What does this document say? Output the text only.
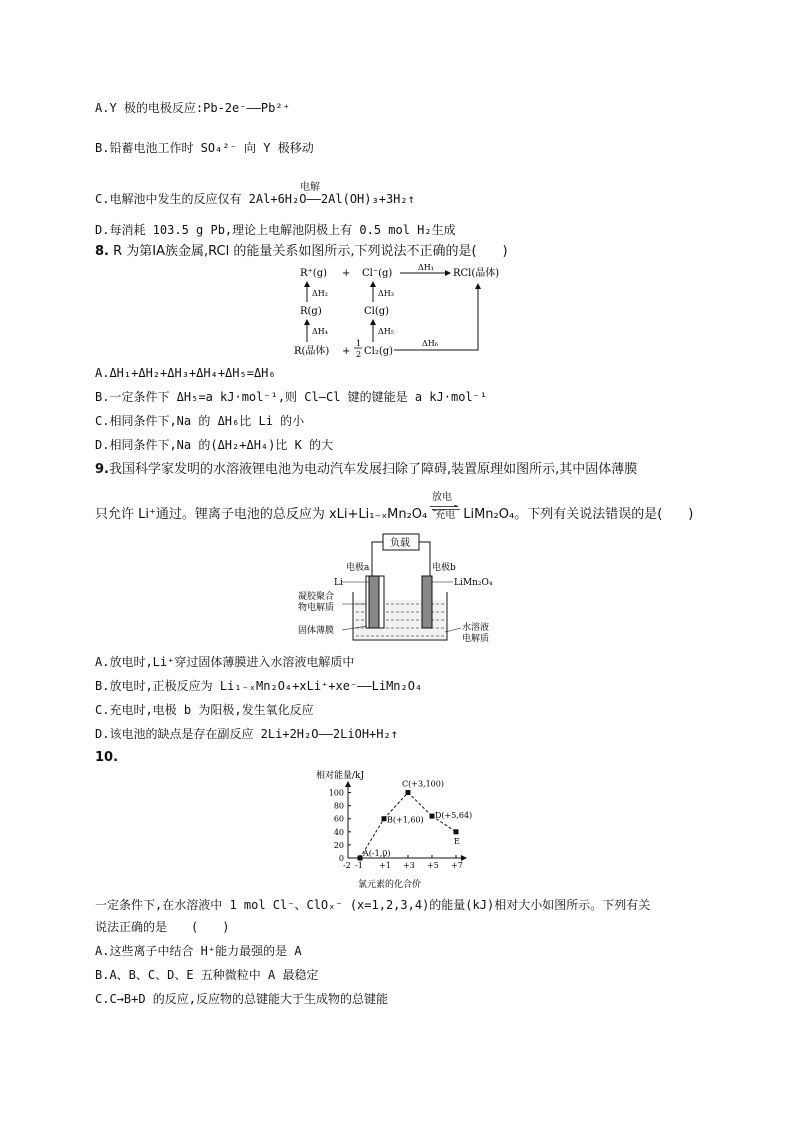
A.Y 极的电极反应:Pb-2e⁻——Pb²⁺
B.铅蓄电池工作时 SO₄²⁻ 向 Y 极移动
电解
C.电解池中发生的反应仅有 2Al+6H₂O——2Al(OH)₃+3H₂↑
D.每消耗 103.5 g Pb,理论上电解池阴极上有 0.5 mol H₂生成
8. R 为第ⅠA族金属,RCl 的能量关系如图所示,下列说法不正确的是(　　)
R⁺(g) + Cl⁻(g)
ΔH₁
RCl(晶体)
ΔH₂	ΔH₃
R(g)	Cl(g)
ΔH₄	ΔH₅
R(晶体) +
1
2 Cl₂(g)
ΔH₆
A.ΔH₁+ΔH₂+ΔH₃+ΔH₄+ΔH₅=ΔH₆
B.一定条件下 ΔH₅=a kJ·mol⁻¹,则 Cl—Cl 键的键能是 a kJ·mol⁻¹
C.相同条件下,Na 的 ΔH₆比 Li 的小
D.相同条件下,Na 的(ΔH₂+ΔH₄)比 K 的大
9.我国科学家发明的水溶液锂电池为电动汽车发展扫除了障碍,装置原理如图所示,其中固体薄膜
放电
只允许 Li⁺通过。锂离子电池的总反应为 xLi+Li₁₋ₓMn₂O₄ 充电 LiMn₂O₄。下列有关说法错误的是(　　)
负载
电极a	电极b
Li	LiMn₂O₄
凝胶聚合
物电解质
固体薄膜	水溶液
电解质
A.放电时,Li⁺穿过固体薄膜进入水溶液电解质中
B.放电时,正极反应为 Li₁₋ₓMn₂O₄+xLi⁺+xe⁻——LiMn₂O₄
C.充电时,电极 b 为阳极,发生氧化反应
D.该电池的缺点是存在副反应 2Li+2H₂O——2LiOH+H₂↑
10.
相对能量/kJ
氯元素的化合价
-2 -1 +1 +3 +5 +7
0
20
40
60
80
100
A(-1,0)
B(+1,60)
C(+3,100)
D(+5,64)
E
一定条件下,在水溶液中 1 mol Cl⁻、ClOₓ⁻ (x=1,2,3,4)的能量(kJ)相对大小如图所示。下列有关
说法正确的是　　(　　)
A.这些离子中结合 H⁺能力最强的是 A
B.A、B、C、D、E 五种微粒中 A 最稳定
C.C→B+D 的反应,反应物的总键能大于生成物的总键能
